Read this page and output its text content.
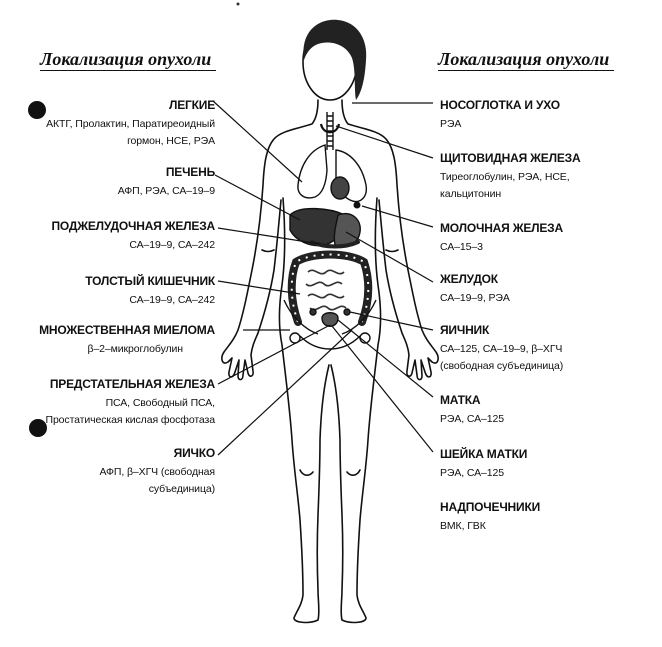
Локализация опухоли	Локализация опухоли
ЛЕГКИЕ
АКТГ, Пролактин, Паратиреоидный
гормон, НСЕ, РЭА
ПЕЧЕНЬ
АФП, РЭА, СА–19–9
ПОДЖЕЛУДОЧНАЯ ЖЕЛЕЗА
СА–19–9, СА–242
ТОЛСТЫЙ КИШЕЧНИК
СА–19–9, СА–242
МНОЖЕСТВЕННАЯ МИЕЛОМА
β–2–микроглобулин
ПРЕДСТАТЕЛЬНАЯ ЖЕЛЕЗА
ПСА, Свободный ПСА,
Простатическая кислая фосфотаза
ЯИЧКО
АФП, β–ХГЧ (свободная
субъединица)
НОСОГЛОТКА И УХО
РЭА
ЩИТОВИДНАЯ ЖЕЛЕЗА
Тиреоглобулин, РЭА, НСЕ,
кальцитонин
МОЛОЧНАЯ ЖЕЛЕЗА
СА–15–3
ЖЕЛУДОК
СА–19–9, РЭА
ЯИЧНИК
СА–125, СА–19–9, β–ХГЧ
(свободная субъединица)
МАТКА
РЭА, СА–125
ШЕЙКА МАТКИ
РЭА, СА–125
НАДПОЧЕЧНИКИ
ВМК, ГВК
